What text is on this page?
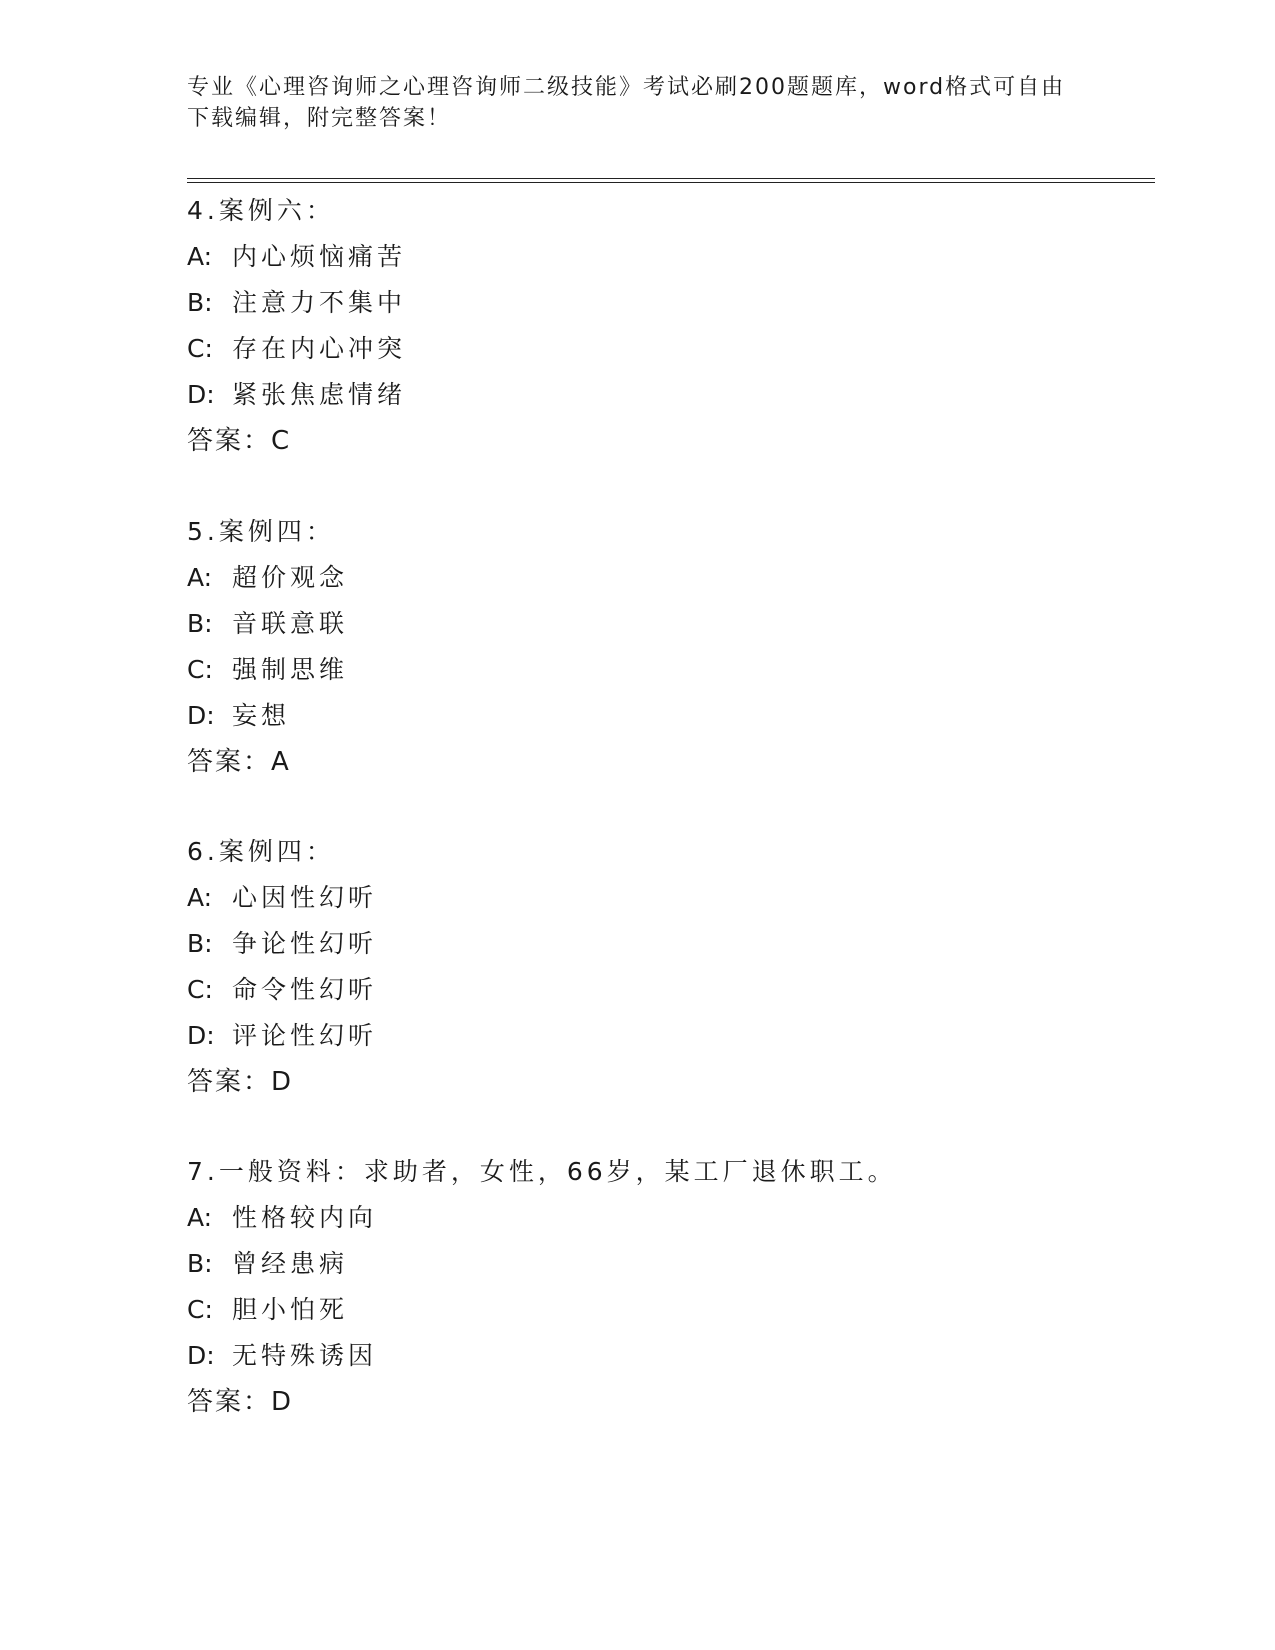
专业《心理咨询师之心理咨询师二级技能》考试必刷200题题库，word格式可自由下载编辑，附完整答案！
4.案例六：
A: 内心烦恼痛苦
B: 注意力不集中
C: 存在内心冲突
D: 紧张焦虑情绪
答案：C
5.案例四：
A: 超价观念
B: 音联意联
C: 强制思维
D: 妄想
答案：A
6.案例四：
A: 心因性幻听
B: 争论性幻听
C: 命令性幻听
D: 评论性幻听
答案：D
7.一般资料：求助者，女性，66岁，某工厂退休职工。
A: 性格较内向
B: 曾经患病
C: 胆小怕死
D: 无特殊诱因
答案：D
